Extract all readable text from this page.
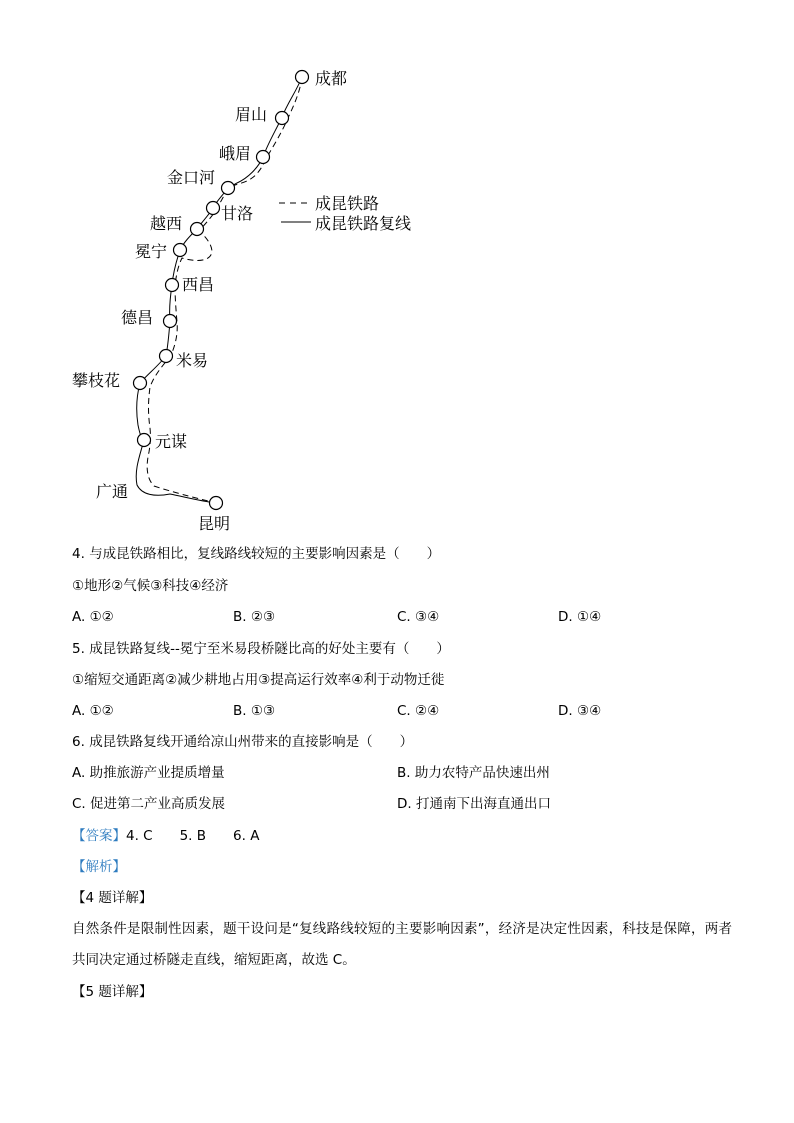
成都
眉山
峨眉
金口河
甘洛
越西
冕宁
西昌
德昌
米易
攀枝花
元谋
广通
昆明
成昆铁路
成昆铁路复线
4. 与成昆铁路相比，复线路线较短的主要影响因素是（　　）
①地形②气候③科技④经济
A. ①②	B. ②③	C. ③④	D. ①④
5. 成昆铁路复线--冕宁至米易段桥隧比高的好处主要有（　　）
①缩短交通距离②减少耕地占用③提高运行效率④利于动物迁徙
A. ①②	B. ①③	C. ②④	D. ③④
6. 成昆铁路复线开通给凉山州带来的直接影响是（　　）
A. 助推旅游产业提质增量	B. 助力农特产品快速出州
C. 促进第二产业高质发展	D. 打通南下出海直通出口
【答案】4. C　　5. B　　6. A
【解析】
【4 题详解】
自然条件是限制性因素，题干设问是“复线路线较短的主要影响因素”，经济是决定性因素，科技是保障，两者共同决定通过桥隧走直线，缩短距离，故选 C。
【5 题详解】
